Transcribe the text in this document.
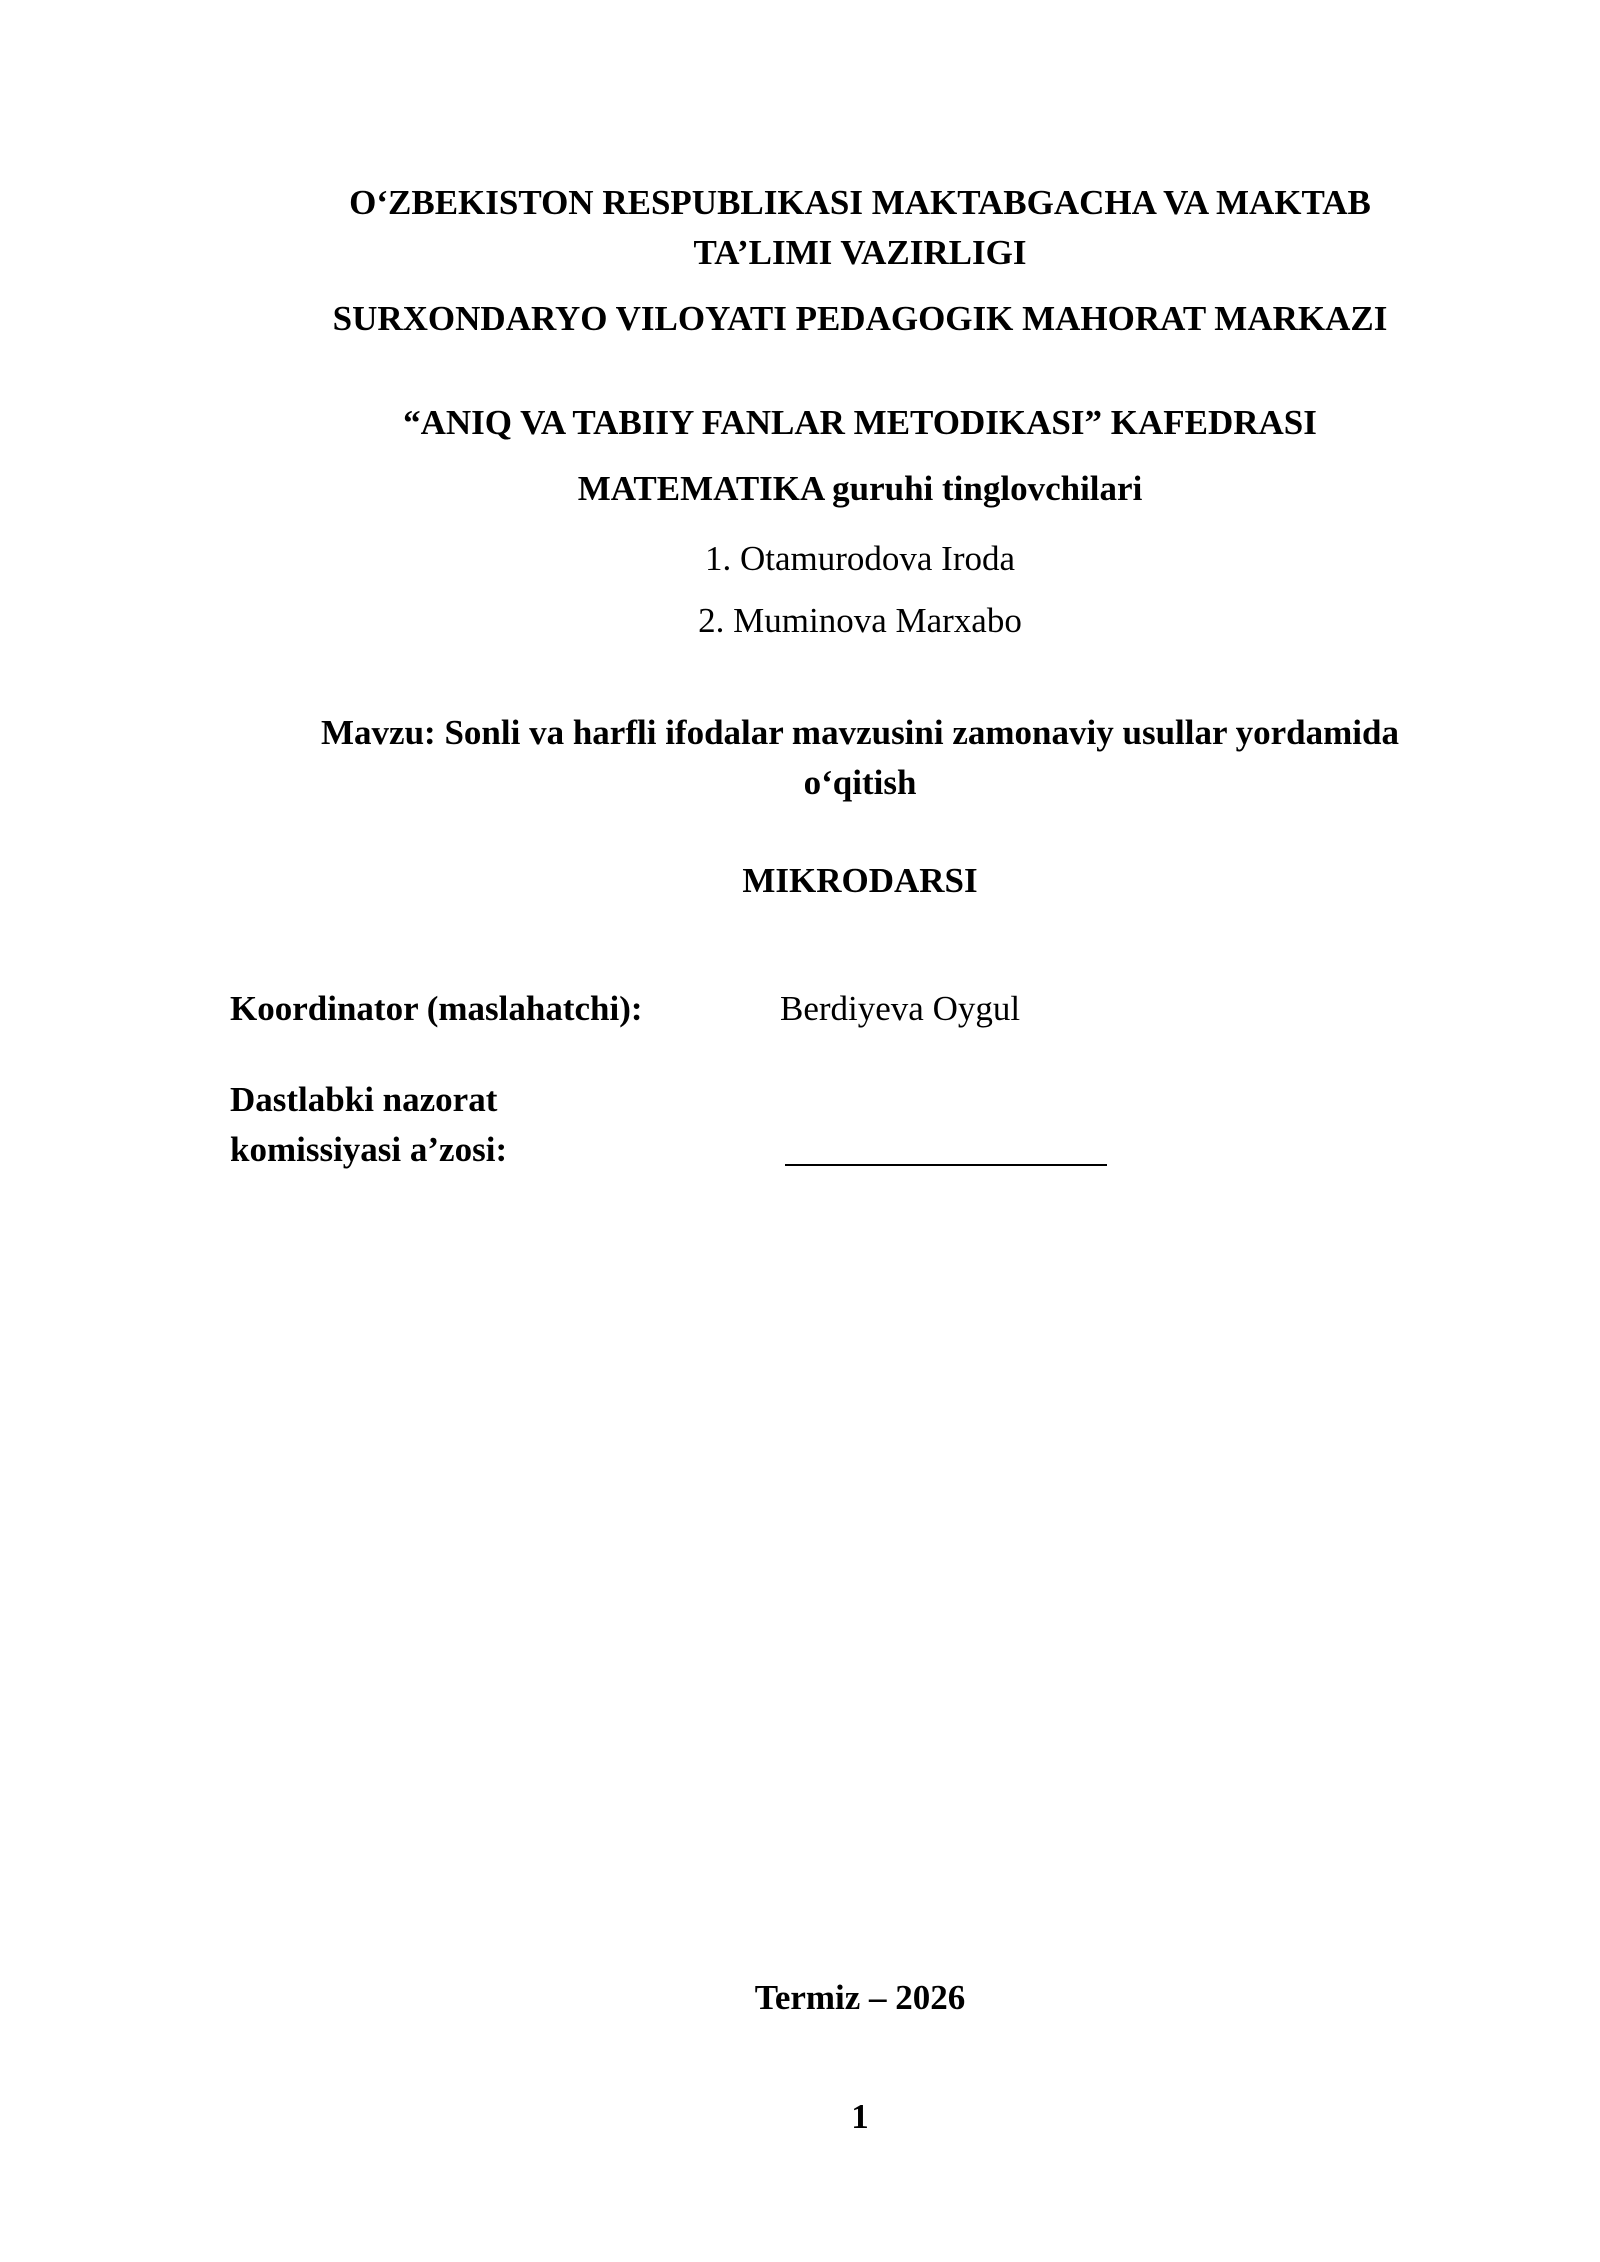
O‘ZBEKISTON RESPUBLIKASI MAKTABGACHA VA MAKTAB
TA’LIMI VAZIRLIGI
SURXONDARYO VILOYATI PEDAGOGIK MAHORAT MARKAZI
“ANIQ VA TABIIY FANLAR METODIKASI” KAFEDRASI
MATEMATIKA guruhi tinglovchilari
1. Otamurodova Iroda
2. Muminova Marxabo
Mavzu: Sonli va harfli ifodalar mavzusini zamonaviy usullar yordamida
o‘qitish
MIKRODARSI
Koordinator (maslahatchi):	Berdiyeva Oygul
Dastlabki nazorat
komissiyasi a’zosi:
Termiz – 2026
1
